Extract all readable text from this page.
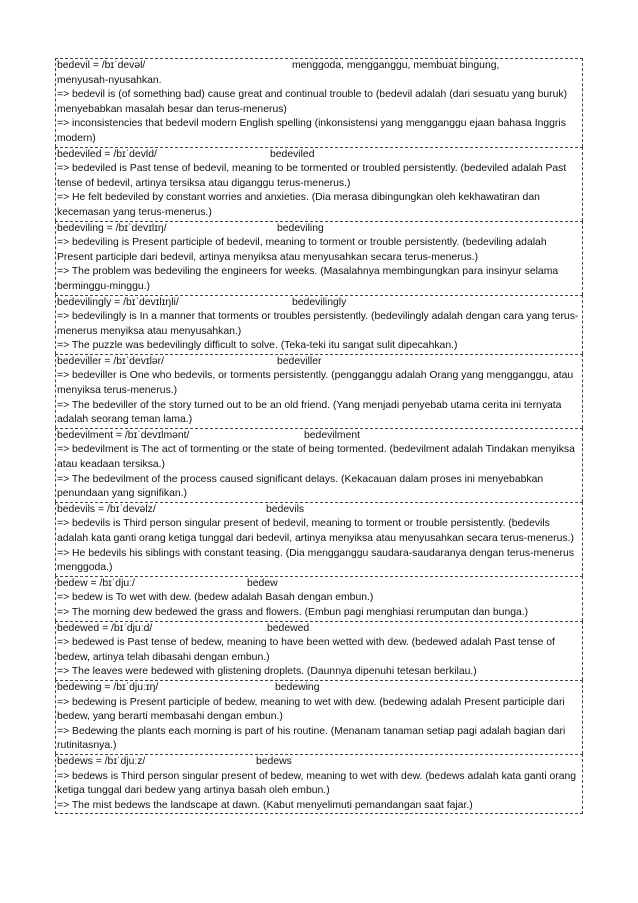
bedevil = /bɪˈdevəl/	menggoda, mengganggu, membuat bingung,
menyusah-nyusahkan.
=> bedevil is (of something bad) cause great and continual trouble to (bedevil adalah (dari sesuatu yang buruk) menyebabkan masalah besar dan terus-menerus)
=> inconsistencies that bedevil modern English spelling (inkonsistensi yang mengganggu ejaan bahasa Inggris modern)
bedeviled = /bɪˈdevld/	bedeviled
=> bedeviled is Past tense of bedevil, meaning to be tormented or troubled persistently. (bedeviled adalah Past tense of bedevil, artinya tersiksa atau diganggu terus-menerus.)
=> He felt bedeviled by constant worries and anxieties. (Dia merasa dibingungkan oleh kekhawatiran dan kecemasan yang terus-menerus.)
bedeviling = /bɪˈdevɪlɪŋ/	bedeviling
=> bedeviling is Present participle of bedevil, meaning to torment or trouble persistently. (bedeviling adalah Present participle dari bedevil, artinya menyiksa atau menyusahkan secara terus-menerus.)
=> The problem was bedeviling the engineers for weeks. (Masalahnya membingungkan para insinyur selama berminggu-minggu.)
bedevilingly = /bɪˈdevɪlɪŋli/	bedevilingly
=> bedevilingly is In a manner that torments or troubles persistently. (bedevilingly adalah dengan cara yang terus-menerus menyiksa atau menyusahkan.)
=> The puzzle was bedevilingly difficult to solve. (Teka-teki itu sangat sulit dipecahkan.)
bedeviller = /bɪˈdevɪlər/	bedeviller
=> bedeviller is One who bedevils, or torments persistently. (pengganggu adalah Orang yang mengganggu, atau menyiksa terus-menerus.)
=> The bedeviller of the story turned out to be an old friend. (Yang menjadi penyebab utama cerita ini ternyata adalah seorang teman lama.)
bedevilment = /bɪˈdevɪlmənt/	bedevilment
=> bedevilment is The act of tormenting or the state of being tormented. (bedevilment adalah Tindakan menyiksa atau keadaan tersiksa.)
=> The bedevilment of the process caused significant delays. (Kekacauan dalam proses ini menyebabkan penundaan yang signifikan.)
bedevils = /bɪˈdevəlz/	bedevils
=> bedevils is Third person singular present of bedevil, meaning to torment or trouble persistently. (bedevils adalah kata ganti orang ketiga tunggal dari bedevil, artinya menyiksa atau menyusahkan secara terus-menerus.)
=> He bedevils his siblings with constant teasing. (Dia mengganggu saudara-saudaranya dengan terus-menerus menggoda.)
bedew = /bɪˈdjuː/	bedew
=> bedew is To wet with dew. (bedew adalah Basah dengan embun.)
=> The morning dew bedewed the grass and flowers. (Embun pagi menghiasi rerumputan dan bunga.)
bedewed = /bɪˈdjuːd/	bedewed
=> bedewed is Past tense of bedew, meaning to have been wetted with dew. (bedewed adalah Past tense of bedew, artinya telah dibasahi dengan embun.)
=> The leaves were bedewed with glistening droplets. (Daunnya dipenuhi tetesan berkilau.)
bedewing = /bɪˈdjuːɪŋ/	bedewing
=> bedewing is Present participle of bedew, meaning to wet with dew. (bedewing adalah Present participle dari bedew, yang berarti membasahi dengan embun.)
=> Bedewing the plants each morning is part of his routine. (Menanam tanaman setiap pagi adalah bagian dari rutinitasnya.)
bedews = /bɪˈdjuːz/	bedews
=> bedews is Third person singular present of bedew, meaning to wet with dew. (bedews adalah kata ganti orang ketiga tunggal dari bedew yang artinya basah oleh embun.)
=> The mist bedews the landscape at dawn. (Kabut menyelimuti pemandangan saat fajar.)
